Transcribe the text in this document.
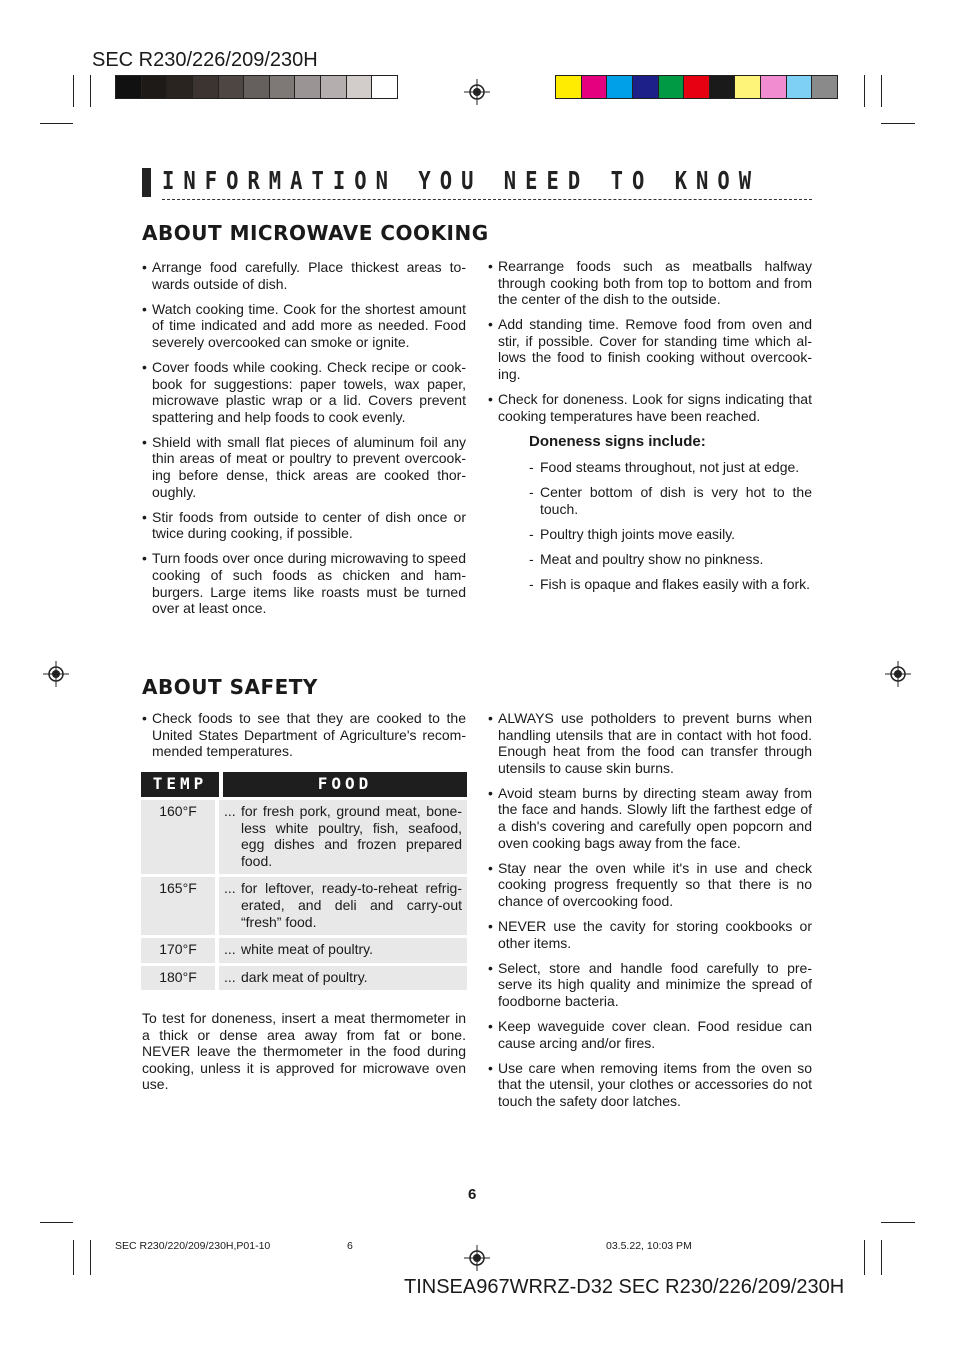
SEC R230/226/209/230H
INFORMATION YOU NEED TO KNOW
ABOUT MICROWAVE COOKING

• Arrange food carefully. Place thickest areas to-wards outside of dish.

• Watch cooking time. Cook for the shortest amount of time indicated and add more as needed. Food severely overcooked can smoke or ignite.

• Cover foods while cooking. Check recipe or cook-book for suggestions: paper towels, wax paper, microwave plastic wrap or a lid. Covers prevent spattering and help foods to cook evenly.

• Shield with small flat pieces of aluminum foil any thin areas of meat or poultry to prevent overcook-ing before dense, thick areas are cooked thor-oughly.

• Stir foods from outside to center of dish once or twice during cooking, if possible.

• Turn foods over once during microwaving to speed cooking of such foods as chicken and ham-burgers. Large items like roasts must be turned over at least once.

• Rearrange foods such as meatballs halfway through cooking both from top to bottom and from the center of the dish to the outside.

• Add standing time. Remove food from oven and stir, if possible. Cover for standing time which al-lows the food to finish cooking without overcook-ing.

• Check for doneness. Look for signs indicating that cooking temperatures have been reached.

Doneness signs include:

- Food steams throughout, not just at edge.

- Center bottom of dish is very hot to the touch.

- Poultry thigh joints move easily.

- Meat and poultry show no pinkness.

- Fish is opaque and flakes easily with a fork.

ABOUT SAFETY

• Check foods to see that they are cooked to the United States Department of Agriculture's recom-mended temperatures.

TEMP	FOOD
160°F	... for fresh pork, ground meat, bone-less white poultry, fish, seafood, egg dishes and frozen prepared food.

165°F	... for leftover, ready-to-reheat refrig-erated, and deli and carry-out “fresh” food.

170°F	... white meat of poultry.

180°F	... dark meat of poultry.

To test for doneness, insert a meat thermometer in a thick or dense area away from fat or bone. NEVER leave the thermometer in the food during cooking, unless it is approved for microwave oven use.

• ALWAYS use potholders to prevent burns when handling utensils that are in contact with hot food. Enough heat from the food can transfer through utensils to cause skin burns.

• Avoid steam burns by directing steam away from the face and hands. Slowly lift the farthest edge of a dish's covering and carefully open popcorn and oven cooking bags away from the face.

• Stay near the oven while it's in use and check cooking progress frequently so that there is no chance of overcooking food.

• NEVER use the cavity for storing cookbooks or other items.

• Select, store and handle food carefully to pre-serve its high quality and minimize the spread of foodborne bacteria.

• Keep waveguide cover clean. Food residue can cause arcing and/or fires.

• Use care when removing items from the oven so that the utensil, your clothes or accessories do not touch the safety door latches.

6
SEC R230/220/209/230H,P01-10	6	03.5.22, 10:03 PM
TINSEA967WRRZ-D32 SEC R230/226/209/230H
